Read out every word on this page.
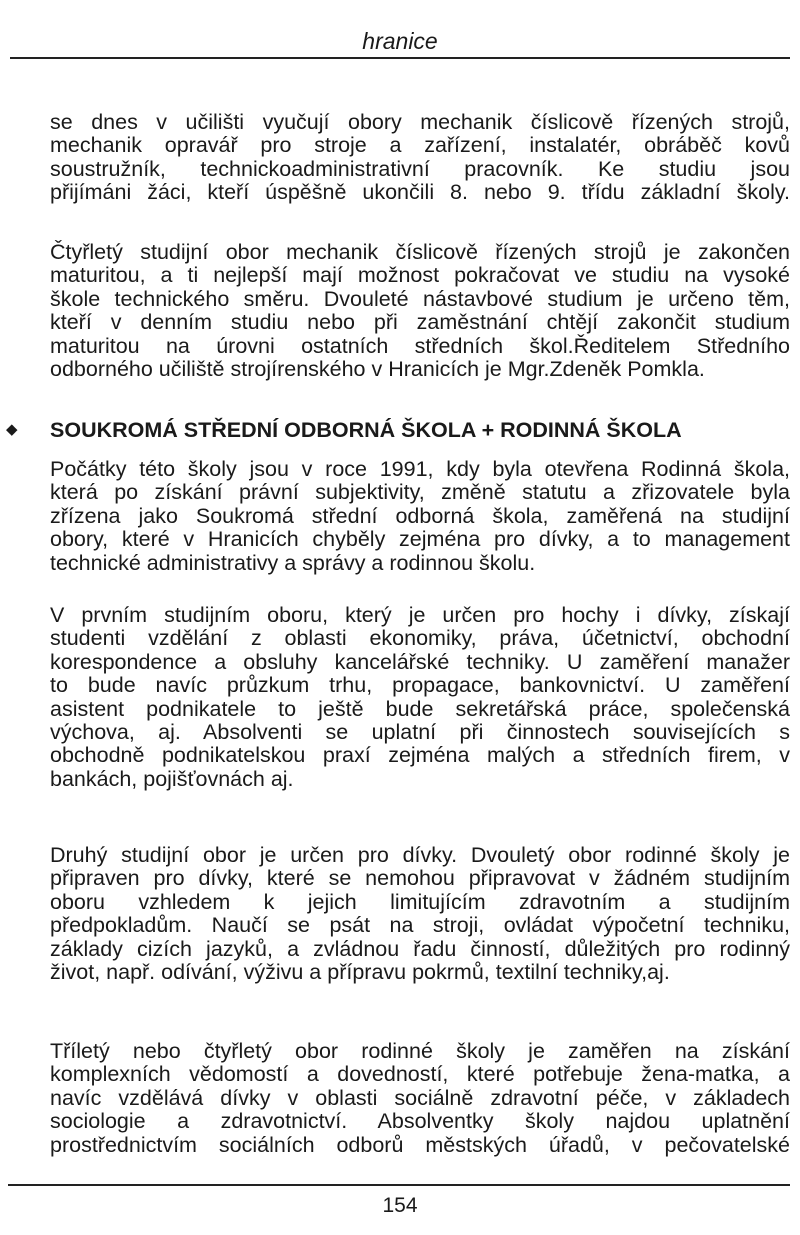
hranice
se dnes v učilišti vyučují obory mechanik číslicově řízených strojů,
mechanik opravář pro stroje a zařízení, instalatér, obráběč kovů
soustružník, technickoadministrativní pracovník. Ke studiu jsou
přijímáni žáci, kteří úspěšně ukončili 8. nebo 9. třídu základní školy.
Čtyřletý studijní obor mechanik číslicově řízených strojů je zakončen
maturitou, a ti nejlepší mají možnost pokračovat ve studiu na vysoké
škole technického směru. Dvouleté nástavbové studium je určeno těm,
kteří v denním studiu nebo při zaměstnání chtějí zakončit studium
maturitou na úrovni ostatních středních škol.Ředitelem Středního
odborného učiliště strojírenského v Hranicích je Mgr.Zdeněk Pomkla.
◆ SOUKROMÁ STŘEDNÍ ODBORNÁ ŠKOLA + RODINNÁ ŠKOLA
Počátky této školy jsou v roce 1991, kdy byla otevřena Rodinná škola,
která po získání právní subjektivity, změně statutu a zřizovatele byla
zřízena jako Soukromá střední odborná škola, zaměřená na studijní
obory, které v Hranicích chyběly zejména pro dívky, a to management
technické administrativy a správy a rodinnou školu.
V prvním studijním oboru, který je určen pro hochy i dívky, získají
studenti vzdělání z oblasti ekonomiky, práva, účetnictví, obchodní
korespondence a obsluhy kancelářské techniky. U zaměření manažer
to bude navíc průzkum trhu, propagace, bankovnictví. U zaměření
asistent podnikatele to ještě bude sekretářská práce, společenská
výchova, aj. Absolventi se uplatní při činnostech souvisejících s
obchodně podnikatelskou praxí zejména malých a středních firem, v
bankách, pojišťovnách aj.
Druhý studijní obor je určen pro dívky. Dvouletý obor rodinné školy je
připraven pro dívky, které se nemohou připravovat v žádném studijním
oboru vzhledem k jejich limitujícím zdravotním a studijním
předpokladům. Naučí se psát na stroji, ovládat výpočetní techniku,
základy cizích jazyků, a zvládnou řadu činností, důležitých pro rodinný
život, např. odívání, výživu a přípravu pokrmů, textilní techniky,aj.
Tříletý nebo čtyřletý obor rodinné školy je zaměřen na získání
komplexních vědomostí a dovedností, které potřebuje žena-matka, a
navíc vzdělává dívky v oblasti sociálně zdravotní péče, v základech
sociologie a zdravotnictví. Absolventky školy najdou uplatnění
prostřednictvím sociálních odborů městských úřadů, v pečovatelské
154
